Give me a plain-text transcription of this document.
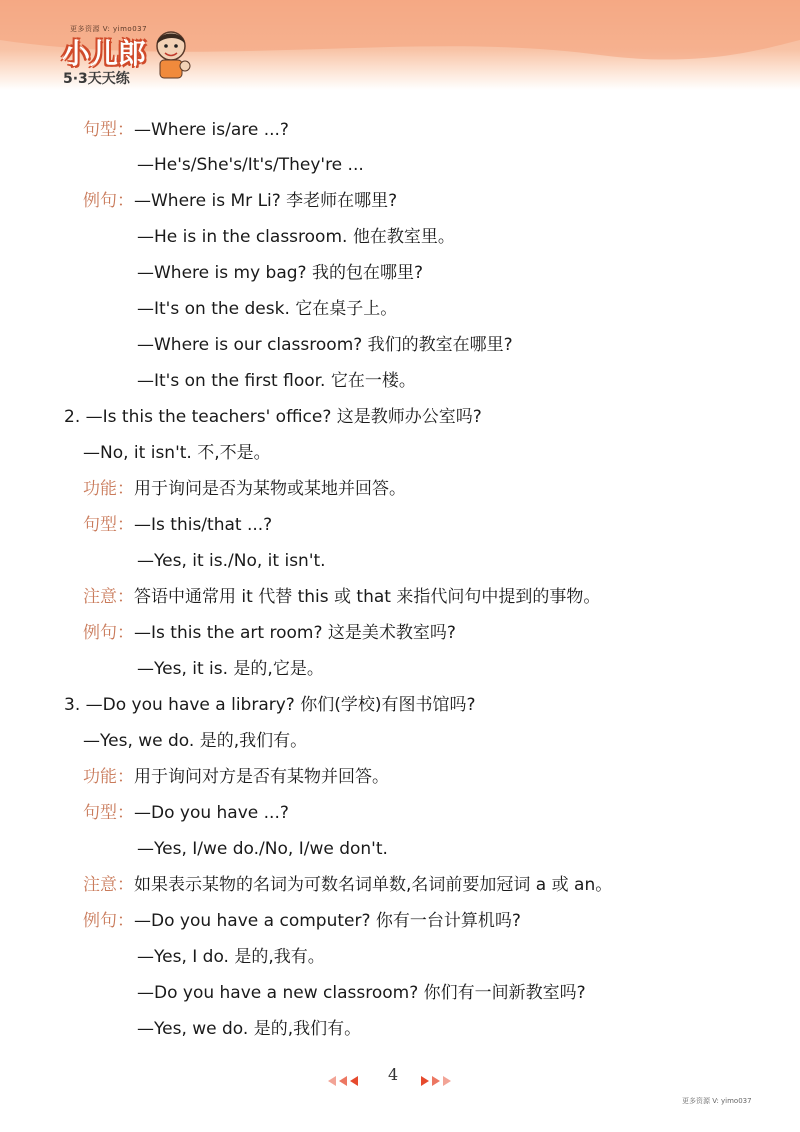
更多资源 V: yimo037
小儿郎
5·3天天练
句型：—Where is/are ...?
—He's/She's/It's/They're ...
例句：—Where is Mr Li? 李老师在哪里?
—He is in the classroom. 他在教室里。
—Where is my bag? 我的包在哪里?
—It's on the desk. 它在桌子上。
—Where is our classroom? 我们的教室在哪里?
—It's on the first floor. 它在一楼。
2. —Is this the teachers' office? 这是教师办公室吗?
—No, it isn't. 不,不是。
功能：用于询问是否为某物或某地并回答。
句型：—Is this/that ...?
—Yes, it is./No, it isn't.
注意：答语中通常用 it 代替 this 或 that 来指代问句中提到的事物。
例句：—Is this the art room? 这是美术教室吗?
—Yes, it is. 是的,它是。
3. —Do you have a library? 你们(学校)有图书馆吗?
—Yes, we do. 是的,我们有。
功能：用于询问对方是否有某物并回答。
句型：—Do you have ...?
—Yes, I/we do./No, I/we don't.
注意：如果表示某物的名词为可数名词单数,名词前要加冠词 a 或 an。
例句：—Do you have a computer? 你有一台计算机吗?
—Yes, I do. 是的,我有。
—Do you have a new classroom? 你们有一间新教室吗?
—Yes, we do. 是的,我们有。
4
更多资源 V: yimo037
